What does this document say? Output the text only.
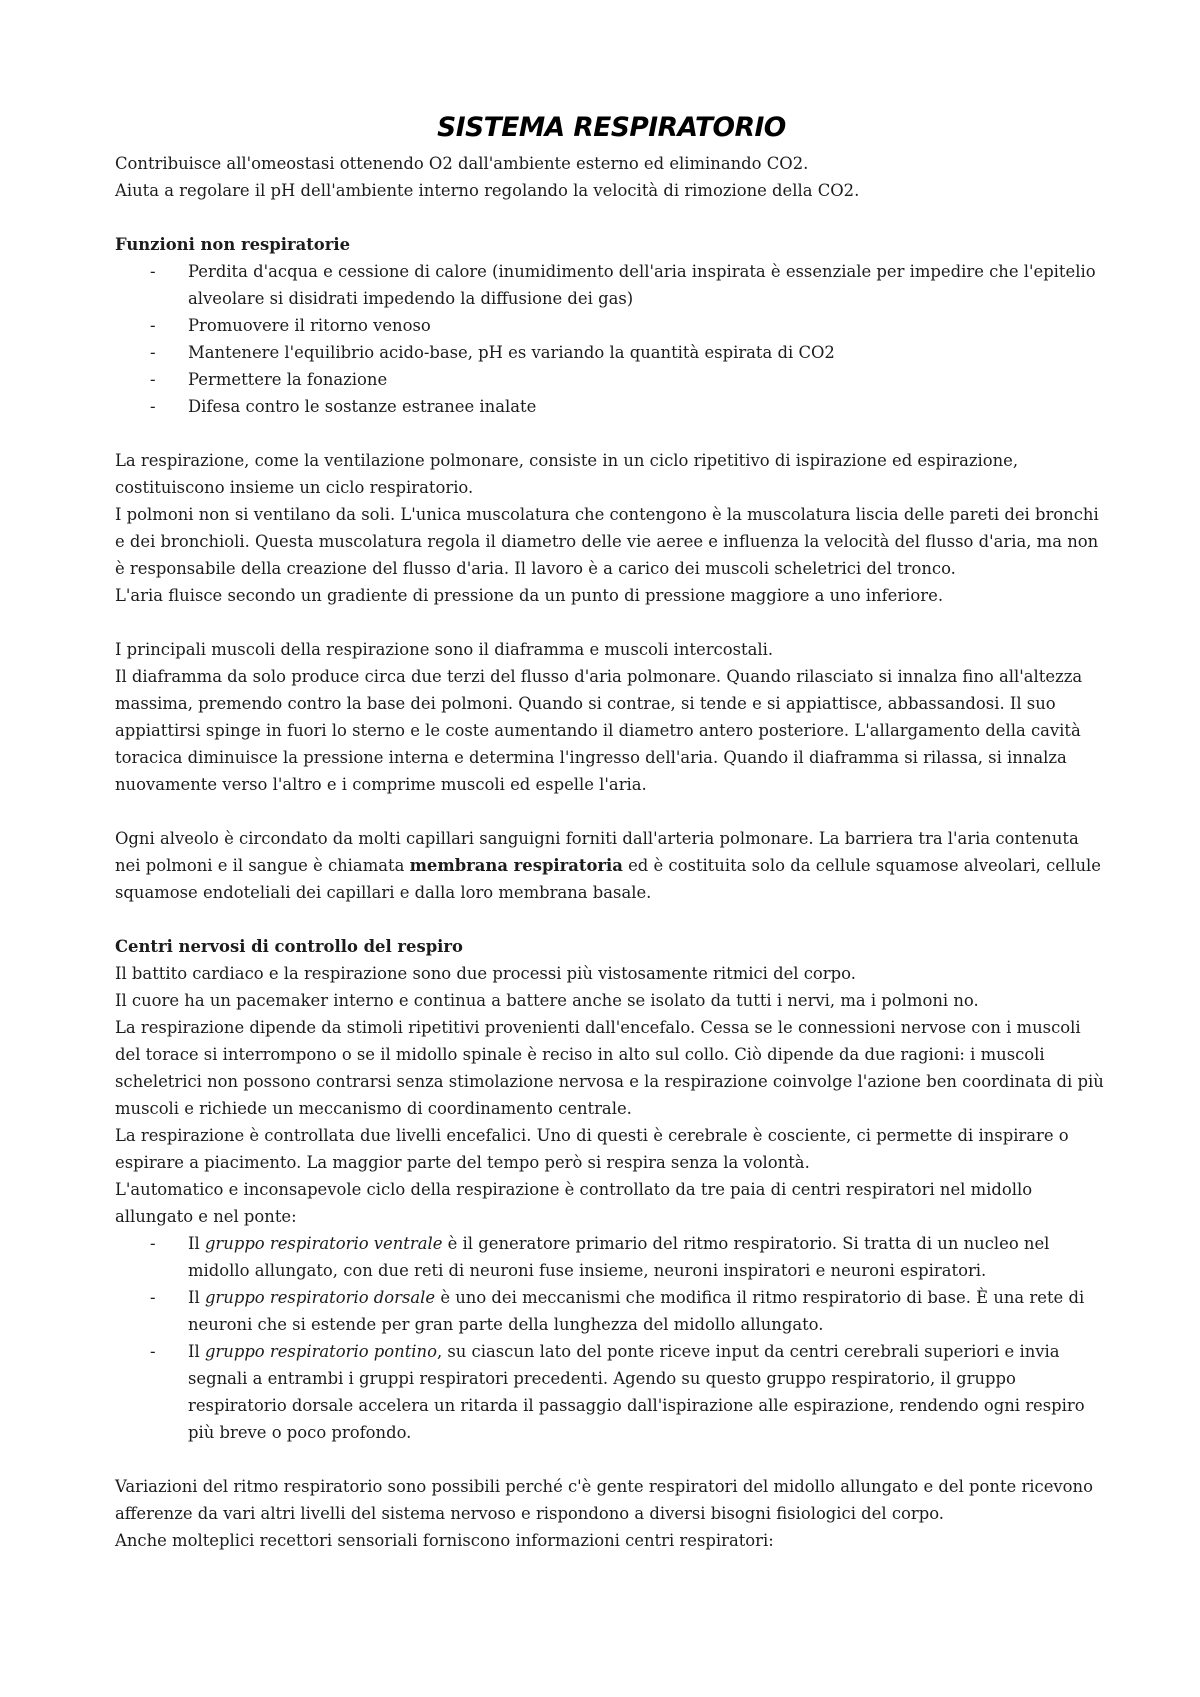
SISTEMA RESPIRATORIO

Contribuisce all'omeostasi ottenendo O2 dall'ambiente esterno ed eliminando CO2.

Aiuta a regolare il pH dell'ambiente interno regolando la velocità di rimozione della CO2.

Funzioni non respiratorie

- Perdita d'acqua e cessione di calore (inumidimento dell'aria inspirata è essenziale per impedire che l'epitelio alveolare si disidrati impedendo la diffusione dei gas)
- Promuovere il ritorno venoso
- Mantenere l'equilibrio acido-base, pH es variando la quantità espirata di CO2
- Permettere la fonazione
- Difesa contro le sostanze estranee inalate

La respirazione, come la ventilazione polmonare, consiste in un ciclo ripetitivo di ispirazione ed espirazione, costituiscono insieme un ciclo respiratorio.

I polmoni non si ventilano da soli. L'unica muscolatura che contengono è la muscolatura liscia delle pareti dei bronchi e dei bronchioli. Questa muscolatura regola il diametro delle vie aeree e influenza la velocità del flusso d'aria, ma non è responsabile della creazione del flusso d'aria. Il lavoro è a carico dei muscoli scheletrici del tronco.

L'aria fluisce secondo un gradiente di pressione da un punto di pressione maggiore a uno inferiore.

I principali muscoli della respirazione sono il diaframma e muscoli intercostali.

Il diaframma da solo produce circa due terzi del flusso d'aria polmonare. Quando rilasciato si innalza fino all'altezza massima, premendo contro la base dei polmoni. Quando si contrae, si tende e si appiattisce, abbassandosi. Il suo appiattirsi spinge in fuori lo sterno e le coste aumentando il diametro antero posteriore. L'allargamento della cavità toracica diminuisce la pressione interna e determina l'ingresso dell'aria. Quando il diaframma si rilassa, si innalza nuovamente verso l'altro e i comprime muscoli ed espelle l'aria.

Ogni alveolo è circondato da molti capillari sanguigni forniti dall'arteria polmonare. La barriera tra l'aria contenuta nei polmoni e il sangue è chiamata membrana respiratoria ed è costituita solo da cellule squamose alveolari, cellule squamose endoteliali dei capillari e dalla loro membrana basale.

Centri nervosi di controllo del respiro

Il battito cardiaco e la respirazione sono due processi più vistosamente ritmici del corpo.

Il cuore ha un pacemaker interno e continua a battere anche se isolato da tutti i nervi, ma i polmoni no.

La respirazione dipende da stimoli ripetitivi provenienti dall'encefalo. Cessa se le connessioni nervose con i muscoli del torace si interrompono o se il midollo spinale è reciso in alto sul collo. Ciò dipende da due ragioni: i muscoli scheletrici non possono contrarsi senza stimolazione nervosa e la respirazione coinvolge l'azione ben coordinata di più muscoli e richiede un meccanismo di coordinamento centrale.

La respirazione è controllata due livelli encefalici. Uno di questi è cerebrale è cosciente, ci permette di inspirare o espirare a piacimento. La maggior parte del tempo però si respira senza la volontà.

L'automatico e inconsapevole ciclo della respirazione è controllato da tre paia di centri respiratori nel midollo allungato e nel ponte:

- Il gruppo respiratorio ventrale è il generatore primario del ritmo respiratorio. Si tratta di un nucleo nel midollo allungato, con due reti di neuroni fuse insieme, neuroni inspiratori e neuroni espiratori.
- Il gruppo respiratorio dorsale è uno dei meccanismi che modifica il ritmo respiratorio di base. È una rete di neuroni che si estende per gran parte della lunghezza del midollo allungato.
- Il gruppo respiratorio pontino, su ciascun lato del ponte riceve input da centri cerebrali superiori e invia segnali a entrambi i gruppi respiratori precedenti. Agendo su questo gruppo respiratorio, il gruppo respiratorio dorsale accelera un ritarda il passaggio dall'ispirazione alle espirazione, rendendo ogni respiro più breve o poco profondo.

Variazioni del ritmo respiratorio sono possibili perché c'è gente respiratori del midollo allungato e del ponte ricevono afferenze da vari altri livelli del sistema nervoso e rispondono a diversi bisogni fisiologici del corpo.

Anche molteplici recettori sensoriali forniscono informazioni centri respiratori:
